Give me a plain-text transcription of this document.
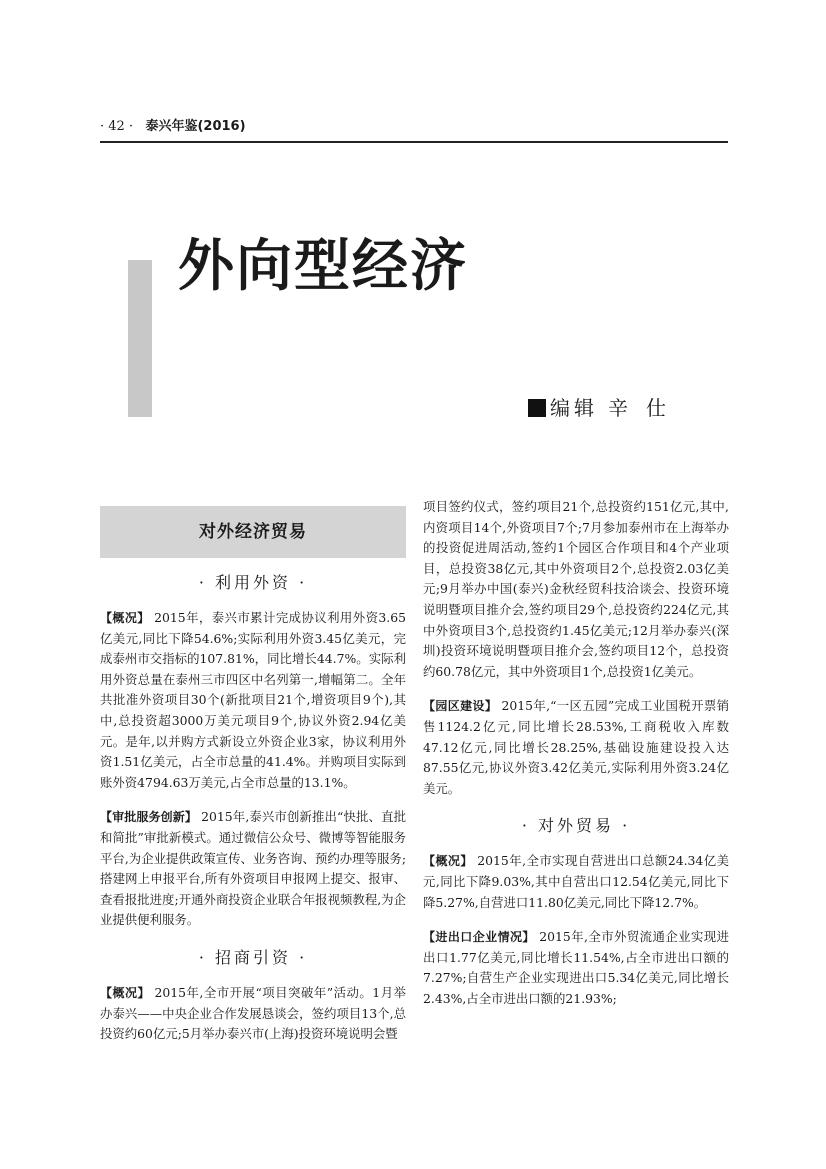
· 42 · 泰兴年鉴(2016)
外向型经济
编辑 辛仕
对外经济贸易
· 利用外资 ·

【概况】 2015年，泰兴市累计完成协议利用外资3.65亿美元,同比下降54.6%;实际利用外资3.45亿美元，完成泰州市交指标的107.81%，同比增长44.7%。实际利用外资总量在泰州三市四区中名列第一,增幅第二。全年共批准外资项目30个(新批项目21个,增资项目9个),其中,总投资超3000万美元项目9个,协议外资2.94亿美元。是年,以并购方式新设立外资企业3家，协议利用外资1.51亿美元，占全市总量的41.4%。并购项目实际到账外资4794.63万美元,占全市总量的13.1%。

【审批服务创新】 2015年,泰兴市创新推出“快批、直批和简批”审批新模式。通过微信公众号、微博等智能服务平台,为企业提供政策宣传、业务咨询、预约办理等服务;搭建网上申报平台,所有外资项目申报网上提交、报审、查看报批进度;开通外商投资企业联合年报视频教程,为企业提供便利服务。

· 招商引资 ·

【概况】 2015年,全市开展“项目突破年”活动。1月举办泰兴——中央企业合作发展恳谈会，签约项目13个,总投资约60亿元;5月举办泰兴市(上海)投资环境说明会暨

项目签约仪式，签约项目21个,总投资约151亿元,其中,内资项目14个,外资项目7个;7月参加泰州市在上海举办的投资促进周活动,签约1个园区合作项目和4个产业项目，总投资38亿元,其中外资项目2个,总投资2.03亿美元;9月举办中国(泰兴)金秋经贸科技洽谈会、投资环境说明暨项目推介会,签约项目29个,总投资约224亿元,其中外资项目3个,总投资约1.45亿美元;12月举办泰兴(深圳)投资环境说明暨项目推介会,签约项目12个，总投资约60.78亿元，其中外资项目1个,总投资1亿美元。

【园区建设】 2015年,“一区五园”完成工业国税开票销售1124.2亿元,同比增长28.53%,工商税收入库数47.12亿元,同比增长28.25%,基础设施建设投入达87.55亿元,协议外资3.42亿美元,实际利用外资3.24亿美元。

· 对外贸易 ·

【概况】 2015年,全市实现自营进出口总额24.34亿美元,同比下降9.03%,其中自营出口12.54亿美元,同比下降5.27%,自营进口11.80亿美元,同比下降12.7%。

【进出口企业情况】 2015年,全市外贸流通企业实现进出口1.77亿美元,同比增长11.54%,占全市进出口额的7.27%;自营生产企业实现进出口5.34亿美元,同比增长2.43%,占全市进出口额的21.93%;
